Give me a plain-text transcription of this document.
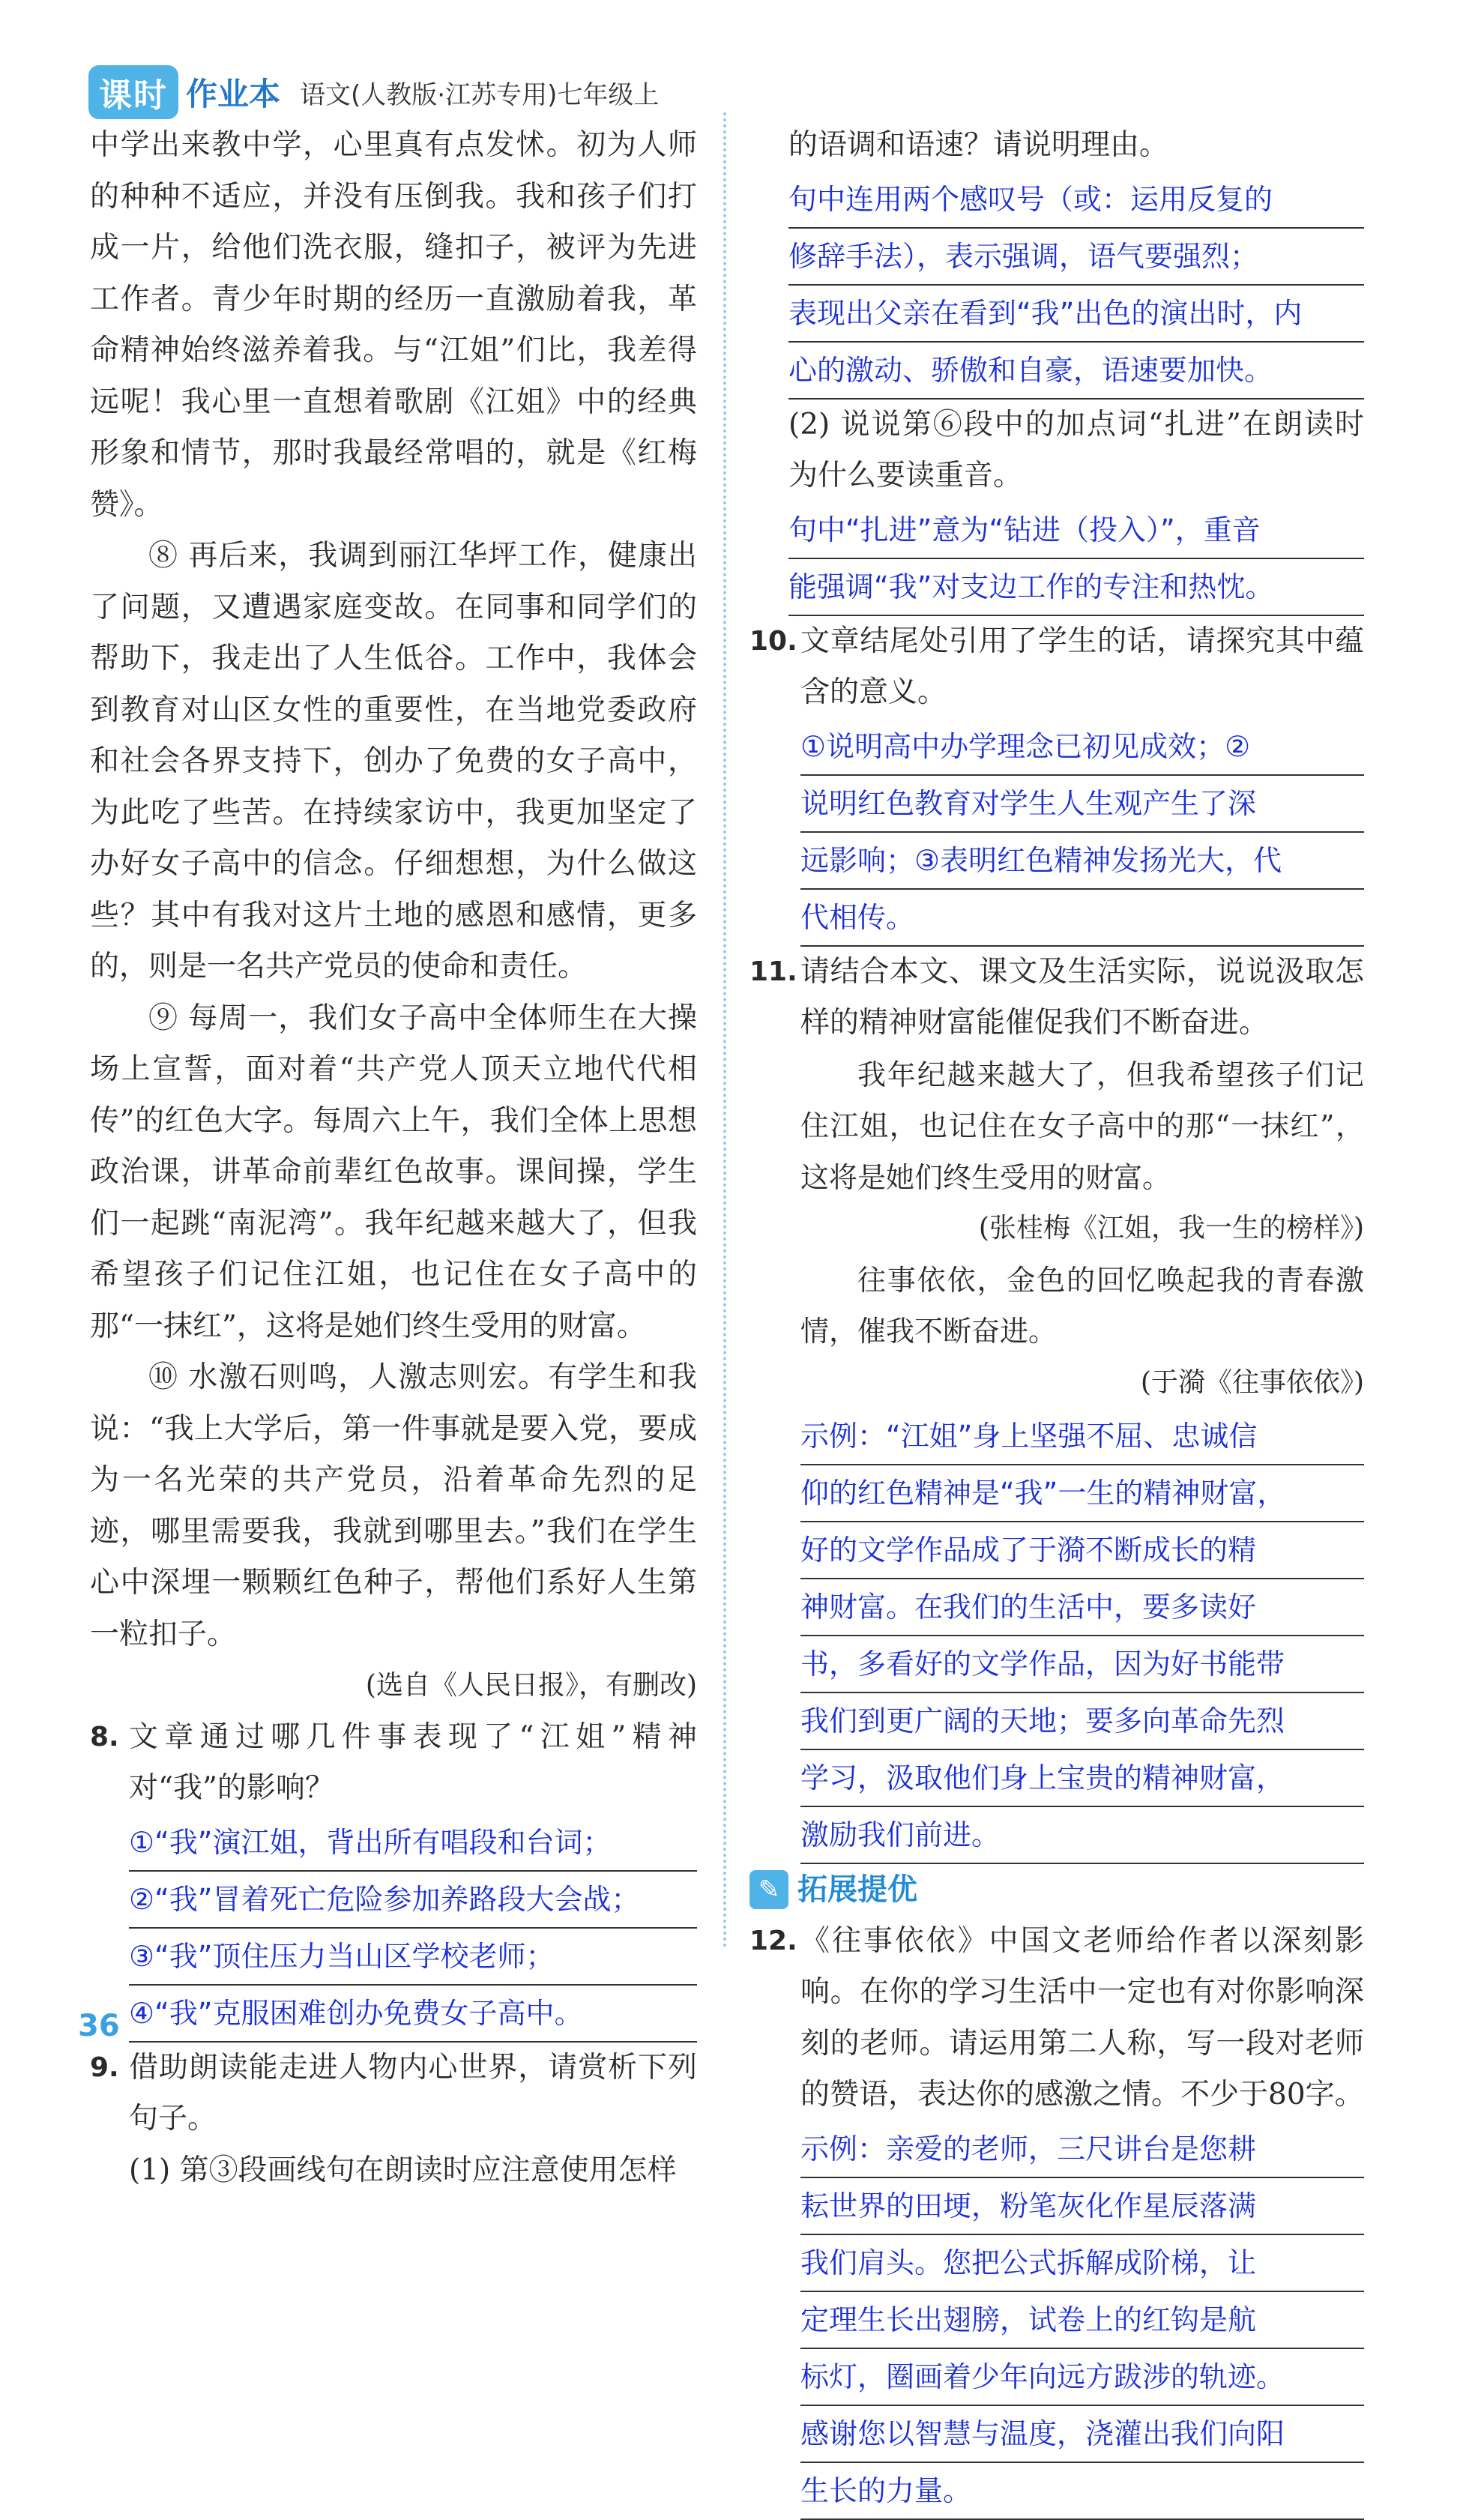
课时 作业本 语文(人教版·江苏专用)七年级上

中学出来教中学，心里真有点发怵。初为人师的种种不适应，并没有压倒我。我和孩子们打成一片，给他们洗衣服，缝扣子，被评为先进工作者。青少年时期的经历一直激励着我，革命精神始终滋养着我。与“江姐”们比，我差得远呢！我心里一直想着歌剧《江姐》中的经典形象和情节，那时我最经常唱的，就是《红梅赞》。

⑧ 再后来，我调到丽江华坪工作，健康出了问题，又遭遇家庭变故。在同事和同学们的帮助下，我走出了人生低谷。工作中，我体会到教育对山区女性的重要性，在当地党委政府和社会各界支持下，创办了免费的女子高中，为此吃了些苦。在持续家访中，我更加坚定了办好女子高中的信念。仔细想想，为什么做这些？其中有我对这片土地的感恩和感情，更多的，则是一名共产党员的使命和责任。

⑨ 每周一，我们女子高中全体师生在大操场上宣誓，面对着“共产党人顶天立地代代相传”的红色大字。每周六上午，我们全体上思想政治课，讲革命前辈红色故事。课间操，学生们一起跳“南泥湾”。我年纪越来越大了，但我希望孩子们记住江姐，也记住在女子高中的那“一抹红”，这将是她们终生受用的财富。

⑩ 水激石则鸣，人激志则宏。有学生和我说：“我上大学后，第一件事就是要入党，要成为一名光荣的共产党员，沿着革命先烈的足迹，哪里需要我，我就到哪里去。”我们在学生心中深埋一颗颗红色种子，帮他们系好人生第一粒扣子。

(选自《人民日报》，有删改)

8. 文章通过哪几件事表现了“江姐”精神对“我”的影响？

①“我”演江姐，背出所有唱段和台词；
②“我”冒着死亡危险参加养路段大会战；
③“我”顶住压力当山区学校老师；
④“我”克服困难创办免费女子高中。
9. 借助朗读能走进人物内心世界，请赏析下列句子。

(1) 第③段画线句在朗读时应注意使用怎样

的语调和语速？请说明理由。

句中连用两个感叹号（或：运用反复的
修辞手法），表示强调，语气要强烈；
表现出父亲在看到“我”出色的演出时，内
心的激动、骄傲和自豪，语速要加快。

(2) 说说第⑥段中的加点词“扎进”在朗读时为什么要读重音。

句中“扎进”意为“钻进（投入）”，重音
能强调“我”对支边工作的专注和热忱。
10. 文章结尾处引用了学生的话，请探究其中蕴含的意义。

①说明高中办学理念已初见成效；②
说明红色教育对学生人生观产生了深
远影响；③表明红色精神发扬光大，代
代相传。
11. 请结合本文、课文及生活实际，说说汲取怎样的精神财富能催促我们不断奋进。

我年纪越来越大了，但我希望孩子们记住江姐，也记住在女子高中的那“一抹红”，这将是她们终生受用的财富。

(张桂梅《江姐，我一生的榜样》)

往事依依，金色的回忆唤起我的青春激情，催我不断奋进。

(于漪《往事依依》)

示例：“江姐”身上坚强不屈、忠诚信
仰的红色精神是“我”一生的精神财富，
好的文学作品成了于漪不断成长的精
神财富。在我们的生活中，要多读好
书，多看好的文学作品，因为好书能带
我们到更广阔的天地；要多向革命先烈
学习，汲取他们身上宝贵的精神财富，
激励我们前进。
✎ 拓展提优
12. 《往事依依》中国文老师给作者以深刻影响。在你的学习生活中一定也有对你影响深刻的老师。请运用第二人称，写一段对老师的赞语，表达你的感激之情。不少于80字。

示例：亲爱的老师，三尺讲台是您耕
耘世界的田埂，粉笔灰化作星辰落满
我们肩头。您把公式拆解成阶梯，让
定理生长出翅膀，试卷上的红钩是航
标灯，圈画着少年向远方跋涉的轨迹。
感谢您以智慧与温度，浇灌出我们向阳
生长的力量。
36
